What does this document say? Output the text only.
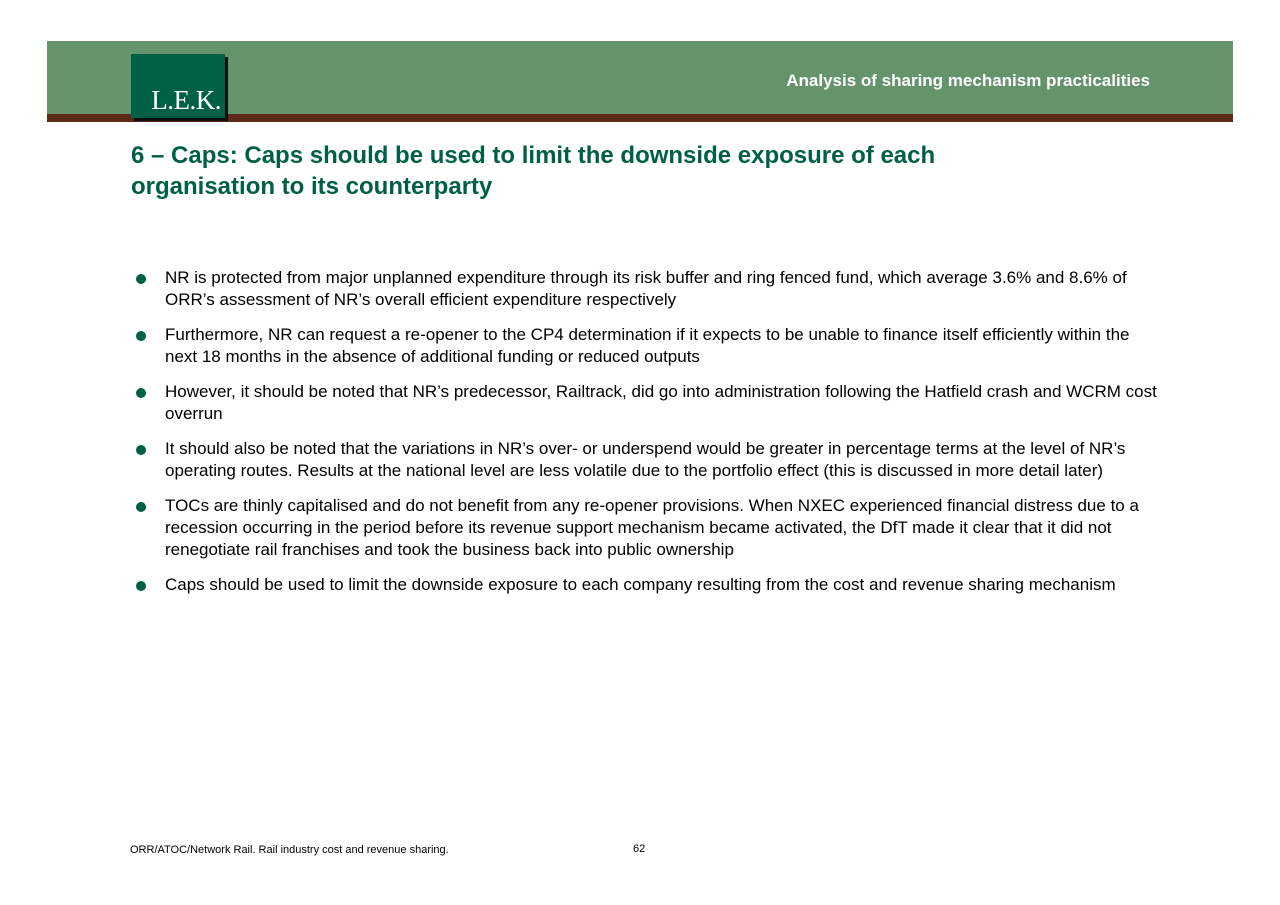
L.E.K.
Analysis of sharing mechanism practicalities
6 – Caps: Caps should be used to limit the downside exposure of each
organisation to its counterparty
NR is protected from major unplanned expenditure through its risk buffer and ring fenced fund, which average 3.6% and 8.6% of ORR’s assessment of NR’s overall efficient expenditure respectively
Furthermore, NR can request a re-opener to the CP4 determination if it expects to be unable to finance itself efficiently within the next 18 months in the absence of additional funding or reduced outputs
However, it should be noted that NR’s predecessor, Railtrack, did go into administration following the Hatfield crash and WCRM cost overrun
It should also be noted that the variations in NR’s over- or underspend would be greater in percentage terms at the level of NR’s operating routes. Results at the national level are less volatile due to the portfolio effect (this is discussed in more detail later)
TOCs are thinly capitalised and do not benefit from any re-opener provisions. When NXEC experienced financial distress due to a recession occurring in the period before its revenue support mechanism became activated, the DfT made it clear that it did not renegotiate rail franchises and took the business back into public ownership
Caps should be used to limit the downside exposure to each company resulting from the cost and revenue sharing mechanism
ORR/ATOC/Network Rail. Rail industry cost and revenue sharing.	62
